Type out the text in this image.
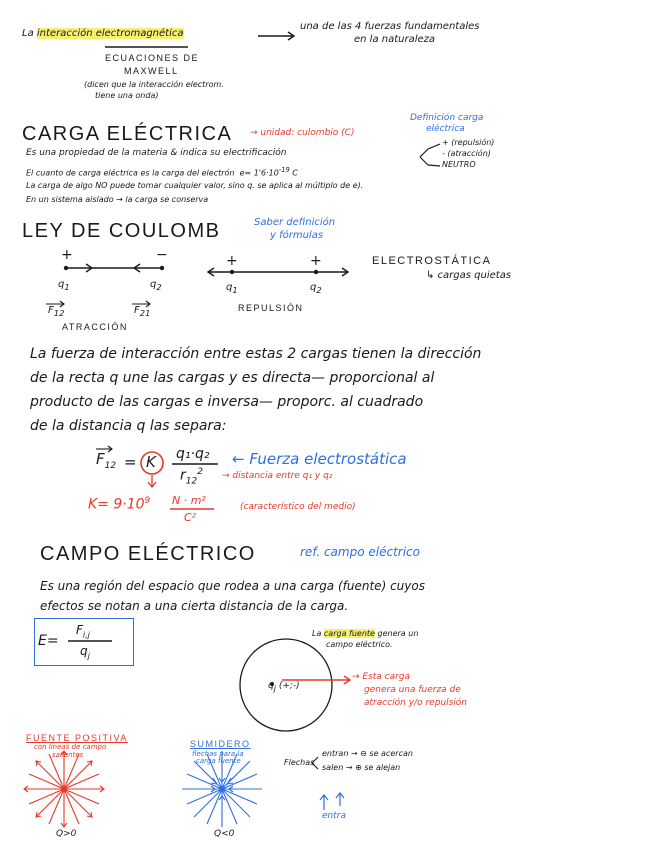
La interacción electromagnética
una de las 4 fuerzas fundamentales
en la naturaleza
ECUACIONES DE
MAXWELL
(dicen que la interacción electrom.
tiene una onda)
CARGA ELÉCTRICA → unidad: culombio (C)
Definición carga
eléctrica
Es una propiedad de la materia & indica su electrificación
+ (repulsión)
- (atracción)
NEUTRO
El cuanto de carga eléctrica es la carga del electrón $e= 1'6\cdot 10^{-19}$ C
La carga de algo NO puede tomar cualquier valor, sino q. se aplica al múltiplo de e).
En un sistema aislado → la carga se conserva
LEY DE COULOMB	Saber definición
y fórmulas
+	−
$q_1$	$q_2$
$F_{12}$	$F_{21}$
ATRACCIÓN
+	+
$q_1$	$q_2$
REPULSIÓN
ELECTROSTÁTICA
↳ cargas quietas
La fuerza de interacción entre estas 2 cargas tienen la dirección
de la recta q une las cargas y es directa— proporcional al
producto de las cargas e inversa— proporc. al cuadrado
de la distancia q las separa:
$F_{12} = K$ q₁·q₂
$r_{12}^2$
← Fuerza electrostática
→ distancia entre q₁ y q₂
$K= 9\cdot 10^9$ N · m²
C²
(característico del medio)
CAMPO ELÉCTRICO	ref. campo eléctrico
Es una región del espacio que rodea a una carga (fuente) cuyos
efectos se notan a una cierta distancia de la carga.
E=
$F_{i,j}$
$q_j$
La carga fuente genera un
campo eléctrico.
$q_j$ (+;-)
→ Esta carga
genera una fuerza de
atracción y/o repulsión
FUENTE POSITIVA
con líneas de campo
salientes
Q>0
SUMIDERO
flechas para la
carga fuente
Q<0
Flechas
entran → ⊖ se acercan
salen → ⊕ se alejan
entra
